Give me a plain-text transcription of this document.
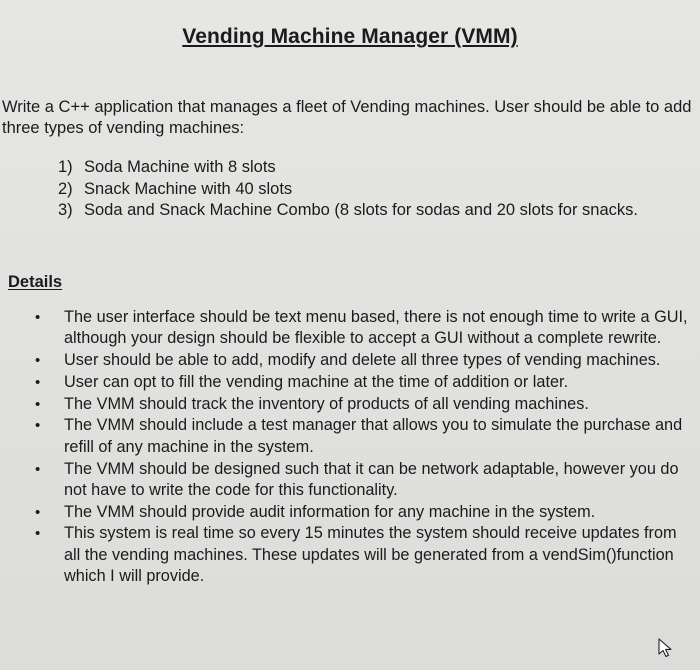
Vending Machine Manager (VMM)
Write a C++ application that manages a fleet of Vending machines. User should be able to add three types of vending machines:
1) Soda Machine with 8 slots
2) Snack Machine with 40 slots
3) Soda and Snack Machine Combo (8 slots for sodas and 20 slots for snacks.
Details
• The user interface should be text menu based, there is not enough time to write a GUI, although your design should be flexible to accept a GUI without a complete rewrite.
• User should be able to add, modify and delete all three types of vending machines.
• User can opt to fill the vending machine at the time of addition or later.
• The VMM should track the inventory of products of all vending machines.
• The VMM should include a test manager that allows you to simulate the purchase and refill of any machine in the system.
• The VMM should be designed such that it can be network adaptable, however you do not have to write the code for this functionality.
• The VMM should provide audit information for any machine in the system.
• This system is real time so every 15 minutes the system should receive updates from all the vending machines. These updates will be generated from a vendSim()function which I will provide.
